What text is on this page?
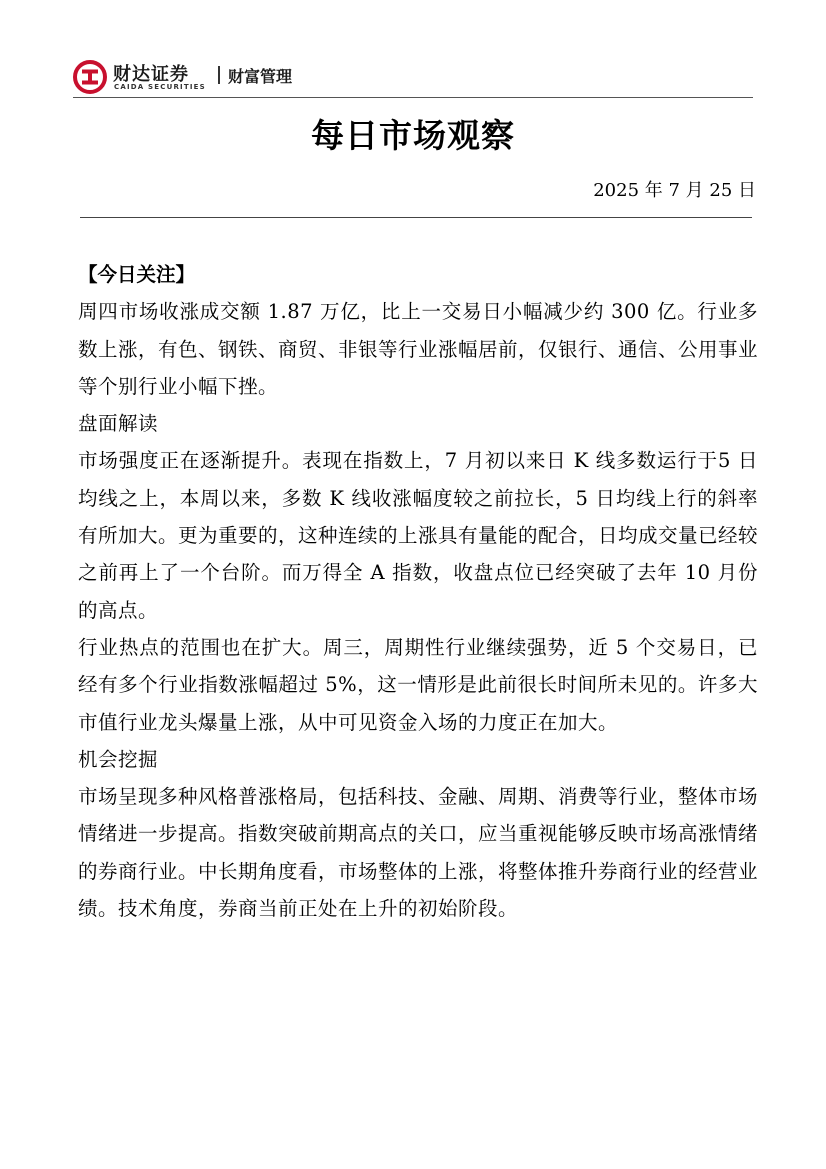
财达证券
CAIDA SECURITIES
财富管理
每日市场观察
2025 年 7 月 25 日
【今日关注】

周四市场收涨成交额 1.87 万亿，比上一交易日小幅减少约 300 亿。行业多数上涨，有色、钢铁、商贸、非银等行业涨幅居前，仅银行、通信、公用事业等个别行业小幅下挫。

盘面解读

市场强度正在逐渐提升。表现在指数上，7 月初以来日 K 线多数运行于5 日均线之上，本周以来，多数 K 线收涨幅度较之前拉长，5 日均线上行的斜率有所加大。更为重要的，这种连续的上涨具有量能的配合，日均成交量已经较之前再上了一个台阶。而万得全 A 指数，收盘点位已经突破了去年 10 月份的高点。

行业热点的范围也在扩大。周三，周期性行业继续强势，近 5 个交易日，已经有多个行业指数涨幅超过 5%，这一情形是此前很长时间所未见的。许多大市值行业龙头爆量上涨，从中可见资金入场的力度正在加大。

机会挖掘

市场呈现多种风格普涨格局，包括科技、金融、周期、消费等行业，整体市场情绪进一步提高。指数突破前期高点的关口，应当重视能够反映市场高涨情绪的券商行业。中长期角度看，市场整体的上涨，将整体推升券商行业的经营业绩。技术角度，券商当前正处在上升的初始阶段。
